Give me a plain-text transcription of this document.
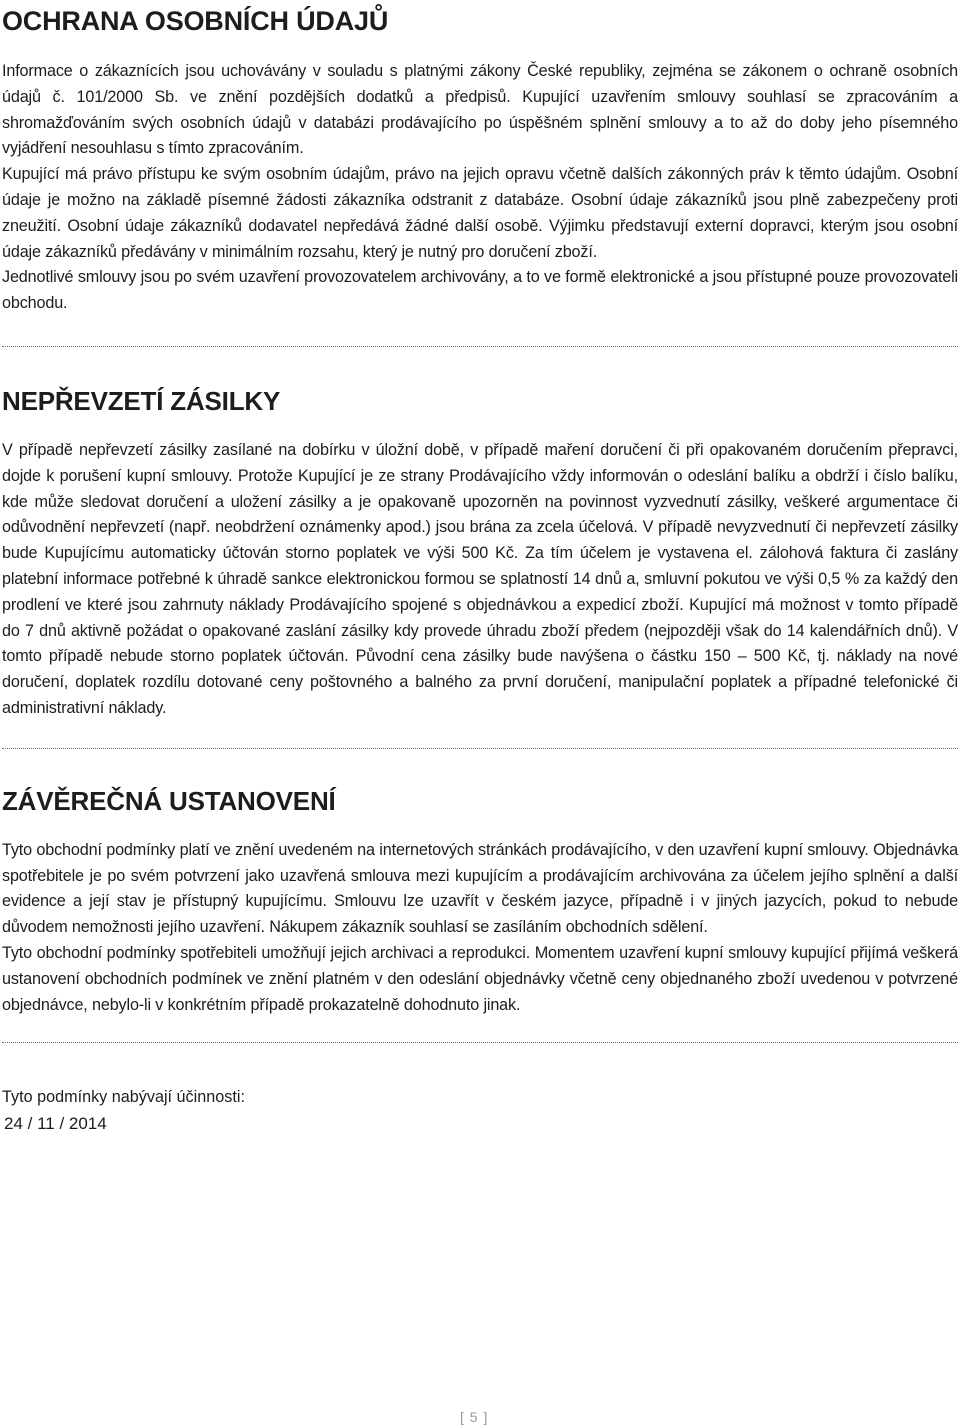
OCHRANA OSOBNÍCH ÚDAJŮ

Informace o zákaznících jsou uchovávány v souladu s platnými zákony České republiky, zejména se zákonem o ochraně osobních údajů č. 101/2000 Sb. ve znění pozdějších dodatků a předpisů. Kupující uzavřením smlouvy souhlasí se zpracováním a shromažďováním svých osobních údajů v databázi prodávajícího po úspěšném splnění smlouvy a to až do doby jeho písemného vyjádření nesouhlasu s tímto zpracováním.

Kupující má právo přístupu ke svým osobním údajům, právo na jejich opravu včetně dalších zákonných práv k těmto údajům. Osobní údaje je možno na základě písemné žádosti zákazníka odstranit z databáze. Osobní údaje zákazníků jsou plně zabezpečeny proti zneužití. Osobní údaje zákazníků dodavatel nepředává žádné další osobě. Výjimku představují externí dopravci, kterým jsou osobní údaje zákazníků předávány v minimálním rozsahu, který je nutný pro doručení zboží.

Jednotlivé smlouvy jsou po svém uzavření provozovatelem archivovány, a to ve formě elektronické a jsou přístupné pouze provozovateli obchodu.

NEPŘEVZETÍ ZÁSILKY

V případě nepřevzetí zásilky zasílané na dobírku v úložní době, v případě maření doručení či při opakovaném doručením přepravci, dojde k porušení kupní smlouvy. Protože Kupující je ze strany Prodávajícího vždy informován o odeslání balíku a obdrží i číslo balíku, kde může sledovat doručení a uložení zásilky a je opakovaně upozorněn na povinnost vyzvednutí zásilky, veškeré argumentace či odůvodnění nepřevzetí (např. neobdržení oznámenky apod.) jsou brána za zcela účelová. V případě nevyzvednutí či nepřevzetí zásilky bude Kupujícímu automaticky účtován storno poplatek ve výši 500 Kč. Za tím účelem je vystavena el. zálohová faktura či zaslány platební informace potřebné k úhradě sankce elektronickou formou se splatností 14 dnů a, smluvní pokutou ve výši 0,5 % za každý den prodlení ve které jsou zahrnuty náklady Prodávajícího spojené s objednávkou a expedicí zboží. Kupující má možnost v tomto případě do 7 dnů aktivně požádat o opakované zaslání zásilky kdy provede úhradu zboží předem (nejpozději však do 14 kalendářních dnů). V tomto případě nebude storno poplatek účtován. Původní cena zásilky bude navýšena o částku 150 – 500 Kč, tj. náklady na nové doručení, doplatek rozdílu dotované ceny poštovného a balného za první doručení, manipulační poplatek a případné telefonické či administrativní náklady.

ZÁVĚREČNÁ USTANOVENÍ

Tyto obchodní podmínky platí ve znění uvedeném na internetových stránkách prodávajícího, v den uzavření kupní smlouvy. Objednávka spotřebitele je po svém potvrzení jako uzavřená smlouva mezi kupujícím a prodávajícím archivována za účelem jejího splnění a další evidence a její stav je přístupný kupujícímu. Smlouvu lze uzavřít v českém jazyce, případně i v jiných jazycích, pokud to nebude důvodem nemožnosti jejího uzavření. Nákupem zákazník souhlasí se zasíláním obchodních sdělení.

Tyto obchodní podmínky spotřebiteli umožňují jejich archivaci a reprodukci. Momentem uzavření kupní smlouvy kupující přijímá veškerá ustanovení obchodních podmínek ve znění platném v den odeslání objednávky včetně ceny objednaného zboží uvedenou v potvrzené objednávce, nebylo-li v konkrétním případě prokazatelně dohodnuto jinak.

Tyto podmínky nabývají účinnosti:
24 / 11 / 2014
[ 5 ]
